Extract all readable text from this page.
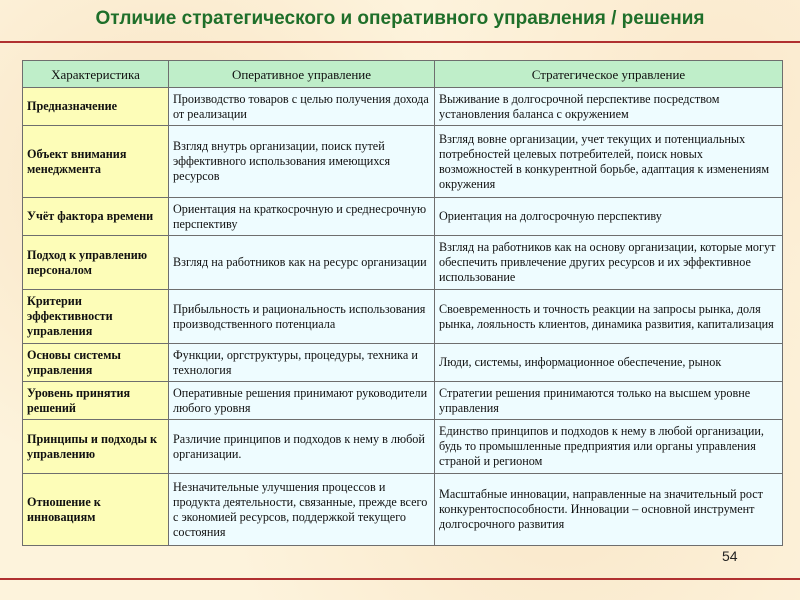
Отличие стратегического и оперативного управления / решения
Характеристика	Оперативное управление	Стратегическое управление
Предназначение	Производство товаров с целью получения дохода от реализации	Выживание в долгосрочной перспективе посредством установления баланса с окружением
Объект внимания менеджмента	Взгляд внутрь организации, поиск путей эффективного использования имеющихся ресурсов	Взгляд вовне организации, учет текущих и потенциальных потребностей целевых потребителей, поиск новых возможностей в конкурентной борьбе, адаптация к изменениям окружения
Учёт фактора времени	Ориентация на краткосрочную и среднесрочную перспективу	Ориентация на долгосрочную перспективу
Подход к управлению персоналом	Взгляд на работников как на ресурс организации	Взгляд на работников как на основу организации, которые могут обеспечить привлечение других ресурсов и их эффективное использование
Критерии эффективности управления	Прибыльность и рациональность использования производственного потенциала	Своевременность и точность реакции на запросы рынка, доля рынка, лояльность клиентов, динамика развития, капитализация
Основы системы управления	Функции, оргструктуры, процедуры, техника и технология	Люди, системы, информационное обеспечение, рынок
Уровень принятия решений	Оперативные решения принимают руководители любого уровня	Стратегии решения принимаются только на высшем уровне управления
Принципы и подходы к управлению	Различие принципов и подходов к нему в любой организации.	Единство принципов и подходов к нему в любой организации, будь то промышленные предприятия или органы управления страной и регионом
Отношение к инновациям	Незначительные улучшения процессов и продукта деятельности, связанные, прежде всего с экономией ресурсов, поддержкой текущего состояния	Масштабные инновации, направленные на значительный рост конкурентоспособности. Инновации – основной инструмент долгосрочного развития
54
